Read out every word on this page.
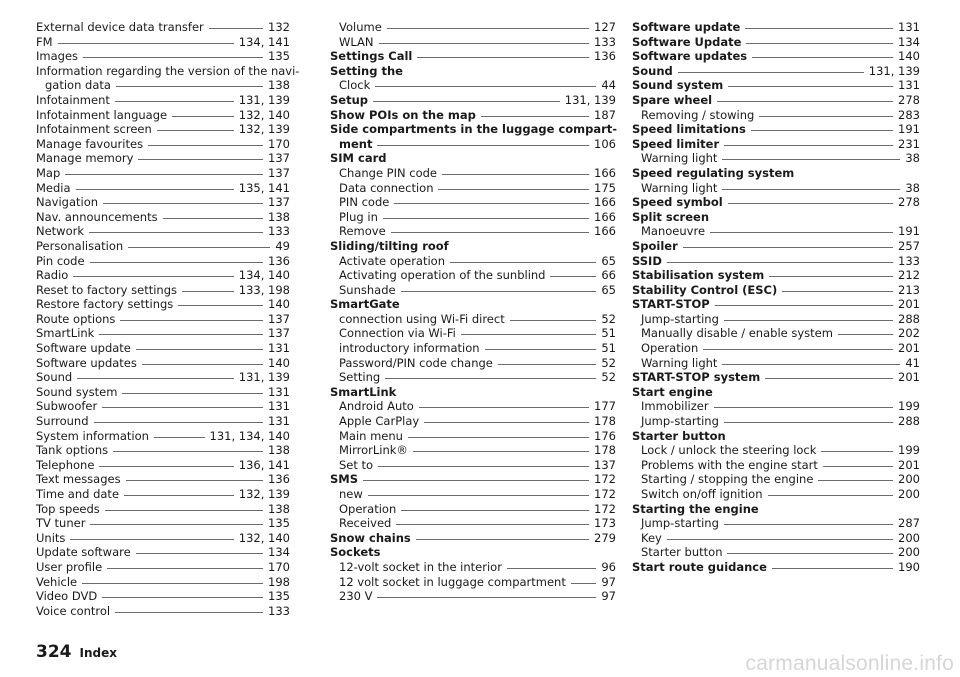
External device data transfer	132
FM	134, 141
Images	135
Information regarding the version of the navi-
gation data	138
Infotainment	131, 139
Infotainment language	132, 140
Infotainment screen	132, 139
Manage favourites	170
Manage memory	137
Map	137
Media	135, 141
Navigation	137
Nav. announcements	138
Network	133
Personalisation	49
Pin code	136
Radio	134, 140
Reset to factory settings	133, 198
Restore factory settings	140
Route options	137
SmartLink	137
Software update	131
Software updates	140
Sound	131, 139
Sound system	131
Subwoofer	131
Surround	131
System information	131, 134, 140
Tank options	138
Telephone	136, 141
Text messages	136
Time and date	132, 139
Top speeds	138
TV tuner	135
Units	132, 140
Update software	134
User profile	170
Vehicle	198
Video DVD	135
Voice control	133
Volume	127
WLAN	133
Settings Call	136
Setting the
Clock	44
Setup	131, 139
Show POIs on the map	187
Side compartments in the luggage compart-
ment	106
SIM card
Change PIN code	166
Data connection	175
PIN code	166
Plug in	166
Remove	166
Sliding/tilting roof
Activate operation	65
Activating operation of the sunblind	66
Sunshade	65
SmartGate
connection using Wi-Fi direct	52
Connection via Wi-Fi	51
introductory information	51
Password/PIN code change	52
Setting	52
SmartLink
Android Auto	177
Apple CarPlay	178
Main menu	176
MirrorLink®	178
Set to	137
SMS	172
new	172
Operation	172
Received	173
Snow chains	279
Sockets
12-volt socket in the interior	96
12 volt socket in luggage compartment	97
230 V	97
Software update	131
Software Update	134
Software updates	140
Sound	131, 139
Sound system	131
Spare wheel	278
Removing / stowing	283
Speed limitations	191
Speed limiter	231
Warning light	38
Speed regulating system
Warning light	38
Speed symbol	278
Split screen
Manoeuvre	191
Spoiler	257
SSID	133
Stabilisation system	212
Stability Control (ESC)	213
START-STOP	201
Jump-starting	288
Manually disable / enable system	202
Operation	201
Warning light	41
START-STOP system	201
Start engine
Immobilizer	199
Jump-starting	288
Starter button
Lock / unlock the steering lock	199
Problems with the engine start	201
Starting / stopping the engine	200
Switch on/off ignition	200
Starting the engine
Jump-starting	287
Key	200
Starter button	200
Start route guidance	190
324 Index	carmanualsonline.info
